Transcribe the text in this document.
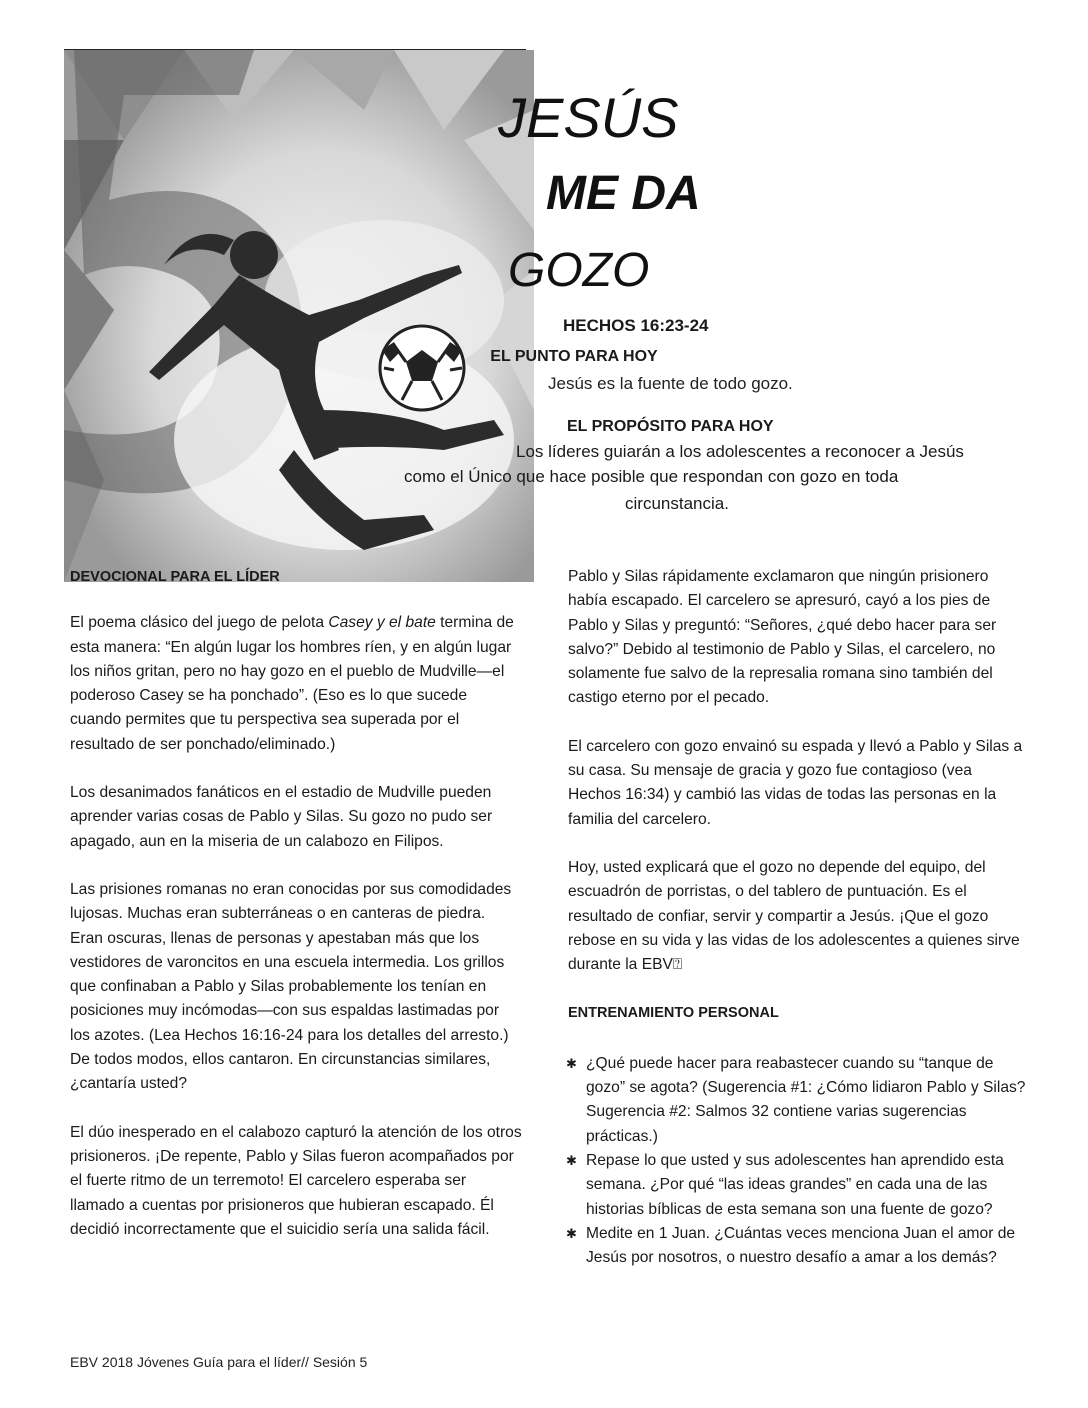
JESÚS
ME DA
GOZO
HECHOS 16:23-24
EL PUNTO PARA HOY
Jesús es la fuente de todo gozo.
EL PROPÓSITO PARA HOY
Los líderes guiarán a los adolescentes a reconocer a Jesús
como el Único que hace posible que respondan con gozo en toda
circunstancia.

DEVOCIONAL PARA EL LÍDER

El poema clásico del juego de pelota Casey y el bate termina de esta manera: “En algún lugar los hombres ríen, y en algún lugar los niños gritan, pero no hay gozo en el pueblo de Mudville—el poderoso Casey se ha ponchado”. (Eso es lo que sucede cuando permites que tu perspectiva sea superada por el resultado de ser ponchado/eliminado.)

Los desanimados fanáticos en el estadio de Mudville pueden aprender varias cosas de Pablo y Silas. Su gozo no pudo ser apagado, aun en la miseria de un calabozo en Filipos.

Las prisiones romanas no eran conocidas por sus comodidades lujosas. Muchas eran subterráneas o en canteras de piedra. Eran oscuras, llenas de personas y apestaban más que los vestidores de varoncitos en una escuela intermedia. Los grillos que confinaban a Pablo y Silas probablemente los tenían en posiciones muy incómodas—con sus espaldas lastimadas por los azotes. (Lea Hechos 16:16-24 para los detalles del arresto.) De todos modos, ellos cantaron. En circunstancias similares, ¿cantaría usted?

El dúo inesperado en el calabozo capturó la atención de los otros prisioneros. ¡De repente, Pablo y Silas fueron acompañados por el fuerte ritmo de un terremoto! El carcelero esperaba ser llamado a cuentas por prisioneros que hubieran escapado. Él decidió incorrectamente que el suicidio sería una salida fácil.

Pablo y Silas rápidamente exclamaron que ningún prisionero había escapado. El carcelero se apresuró, cayó a los pies de Pablo y Silas y preguntó: “Señores, ¿qué debo hacer para ser salvo?” Debido al testimonio de Pablo y Silas, el carcelero, no solamente fue salvo de la represalia romana sino también del castigo eterno por el pecado.

El carcelero con gozo envainó su espada y llevó a Pablo y Silas a su casa. Su mensaje de gracia y gozo fue contagioso (vea Hechos 16:34) y cambió las vidas de todas las personas en la familia del carcelero.

Hoy, usted explicará que el gozo no depende del equipo, del escuadrón de porristas, o del tablero de puntuación. Es el resultado de confiar, servir y compartir a Jesús. ¡Que el gozo rebose en su vida y las vidas de los adolescentes a quienes sirve durante la EBV⍰

ENTRENAMIENTO PERSONAL

✱ ¿Qué puede hacer para reabastecer cuando su “tanque de gozo” se agota? (Sugerencia #1: ¿Cómo lidiaron Pablo y Silas? Sugerencia #2: Salmos 32 contiene varias sugerencias prácticas.)
✱ Repase lo que usted y sus adolescentes han aprendido esta semana. ¿Por qué “las ideas grandes” en cada una de las historias bíblicas de esta semana son una fuente de gozo?
✱ Medite en 1 Juan. ¿Cuántas veces menciona Juan el amor de Jesús por nosotros, o nuestro desafío a amar a los demás?
EBV 2018 Jóvenes Guía para el líder// Sesión 5
